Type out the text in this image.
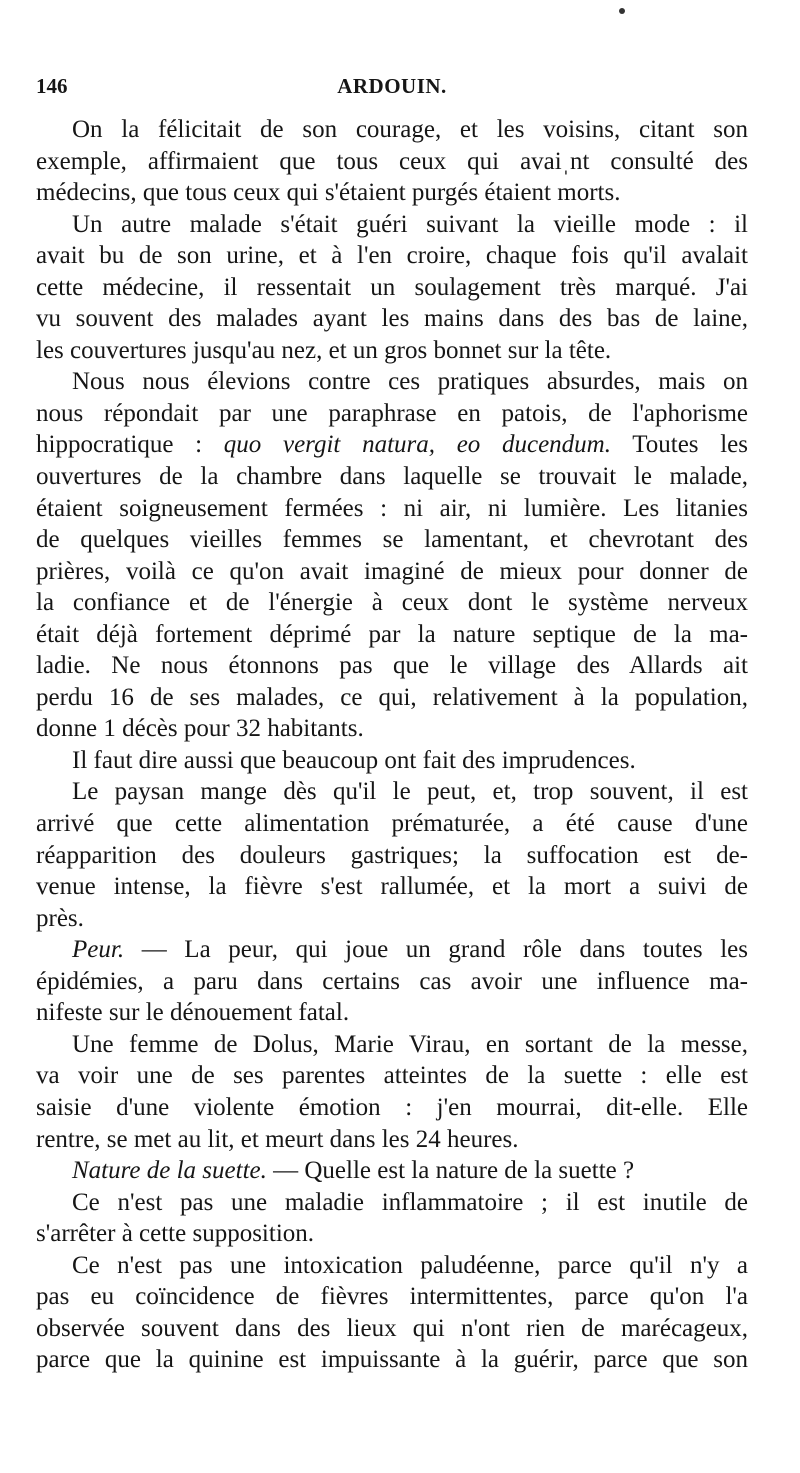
146	ARDOUIN.
On la félicitait de son courage, et les voisins, citant son
exemple, affirmaient que tous ceux qui avaiˌnt consulté des
médecins, que tous ceux qui s'étaient purgés étaient morts.
Un autre malade s'était guéri suivant la vieille mode : il
avait bu de son urine, et à l'en croire, chaque fois qu'il avalait
cette médecine, il ressentait un soulagement très marqué. J'ai
vu souvent des malades ayant les mains dans des bas de laine,
les couvertures jusqu'au nez, et un gros bonnet sur la tête.
Nous nous élevions contre ces pratiques absurdes, mais on
nous répondait par une paraphrase en patois, de l'aphorisme
hippocratique : quo vergit natura, eo ducendum. Toutes les
ouvertures de la chambre dans laquelle se trouvait le malade,
étaient soigneusement fermées : ni air, ni lumière. Les litanies
de quelques vieilles femmes se lamentant, et chevrotant des
prières, voilà ce qu'on avait imaginé de mieux pour donner de
la confiance et de l'énergie à ceux dont le système nerveux
était déjà fortement déprimé par la nature septique de la ma-
ladie. Ne nous étonnons pas que le village des Allards ait
perdu 16 de ses malades, ce qui, relativement à la population,
donne 1 décès pour 32 habitants.
Il faut dire aussi que beaucoup ont fait des imprudences.
Le paysan mange dès qu'il le peut, et, trop souvent, il est
arrivé que cette alimentation prématurée, a été cause d'une
réapparition des douleurs gastriques; la suffocation est de-
venue intense, la fièvre s'est rallumée, et la mort a suivi de
près.
Peur. — La peur, qui joue un grand rôle dans toutes les
épidémies, a paru dans certains cas avoir une influence ma-
nifeste sur le dénouement fatal.
Une femme de Dolus, Marie Virau, en sortant de la messe,
va voir une de ses parentes atteintes de la suette : elle est
saisie d'une violente émotion : j'en mourrai, dit-elle. Elle
rentre, se met au lit, et meurt dans les 24 heures.
Nature de la suette. — Quelle est la nature de la suette ?
Ce n'est pas une maladie inflammatoire ; il est inutile de
s'arrêter à cette supposition.
Ce n'est pas une intoxication paludéenne, parce qu'il n'y a
pas eu coïncidence de fièvres intermittentes, parce qu'on l'a
observée souvent dans des lieux qui n'ont rien de marécageux,
parce que la quinine est impuissante à la guérir, parce que son
